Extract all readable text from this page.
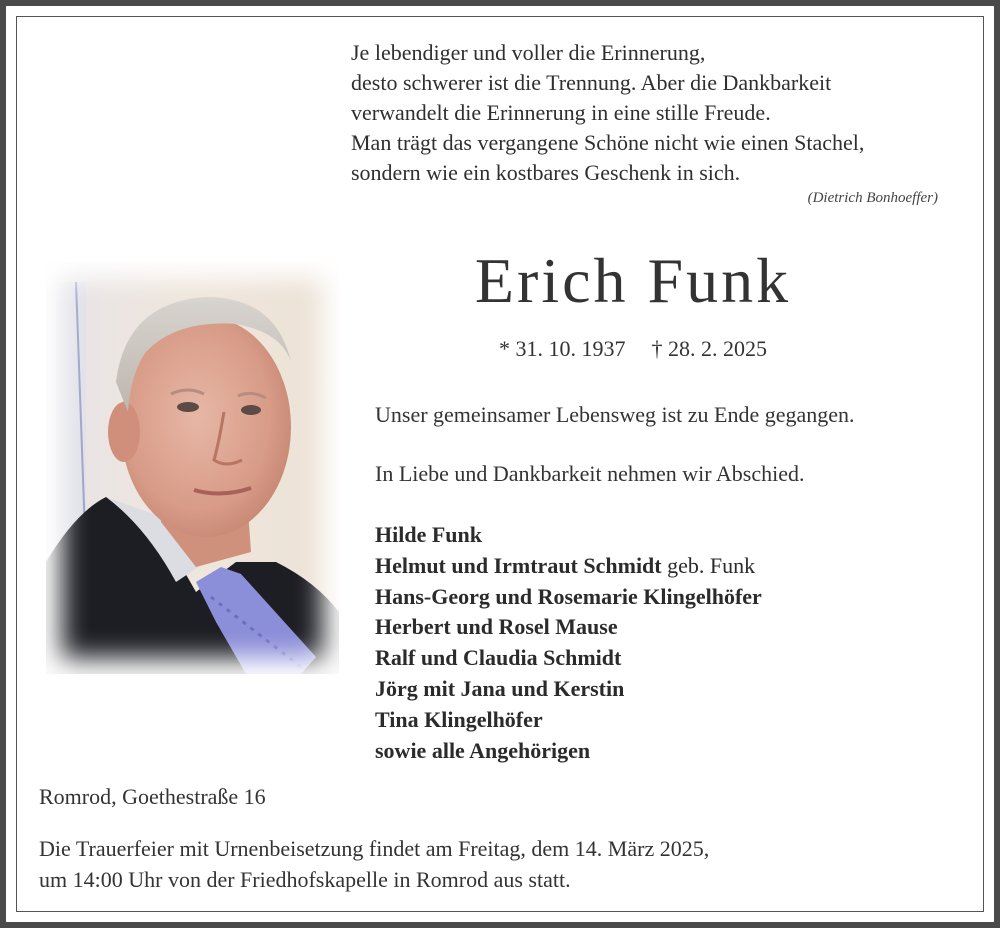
Je lebendiger und voller die Erinnerung,
desto schwerer ist die Trennung. Aber die Dankbarkeit
verwandelt die Erinnerung in eine stille Freude.
Man trägt das vergangene Schöne nicht wie einen Stachel,
sondern wie ein kostbares Geschenk in sich.
(Dietrich Bonhoeffer)
Erich Funk
* 31. 10. 1937 † 28. 2. 2025
Unser gemeinsamer Lebensweg ist zu Ende gegangen.
In Liebe und Dankbarkeit nehmen wir Abschied.
Hilde Funk
Helmut und Irmtraut Schmidt geb. Funk
Hans-Georg und Rosemarie Klingelhöfer
Herbert und Rosel Mause
Ralf und Claudia Schmidt
Jörg mit Jana und Kerstin
Tina Klingelhöfer
sowie alle Angehörigen
Romrod, Goethestraße 16
Die Trauerfeier mit Urnenbeisetzung findet am Freitag, dem 14. März 2025,
um 14:00 Uhr von der Friedhofskapelle in Romrod aus statt.
